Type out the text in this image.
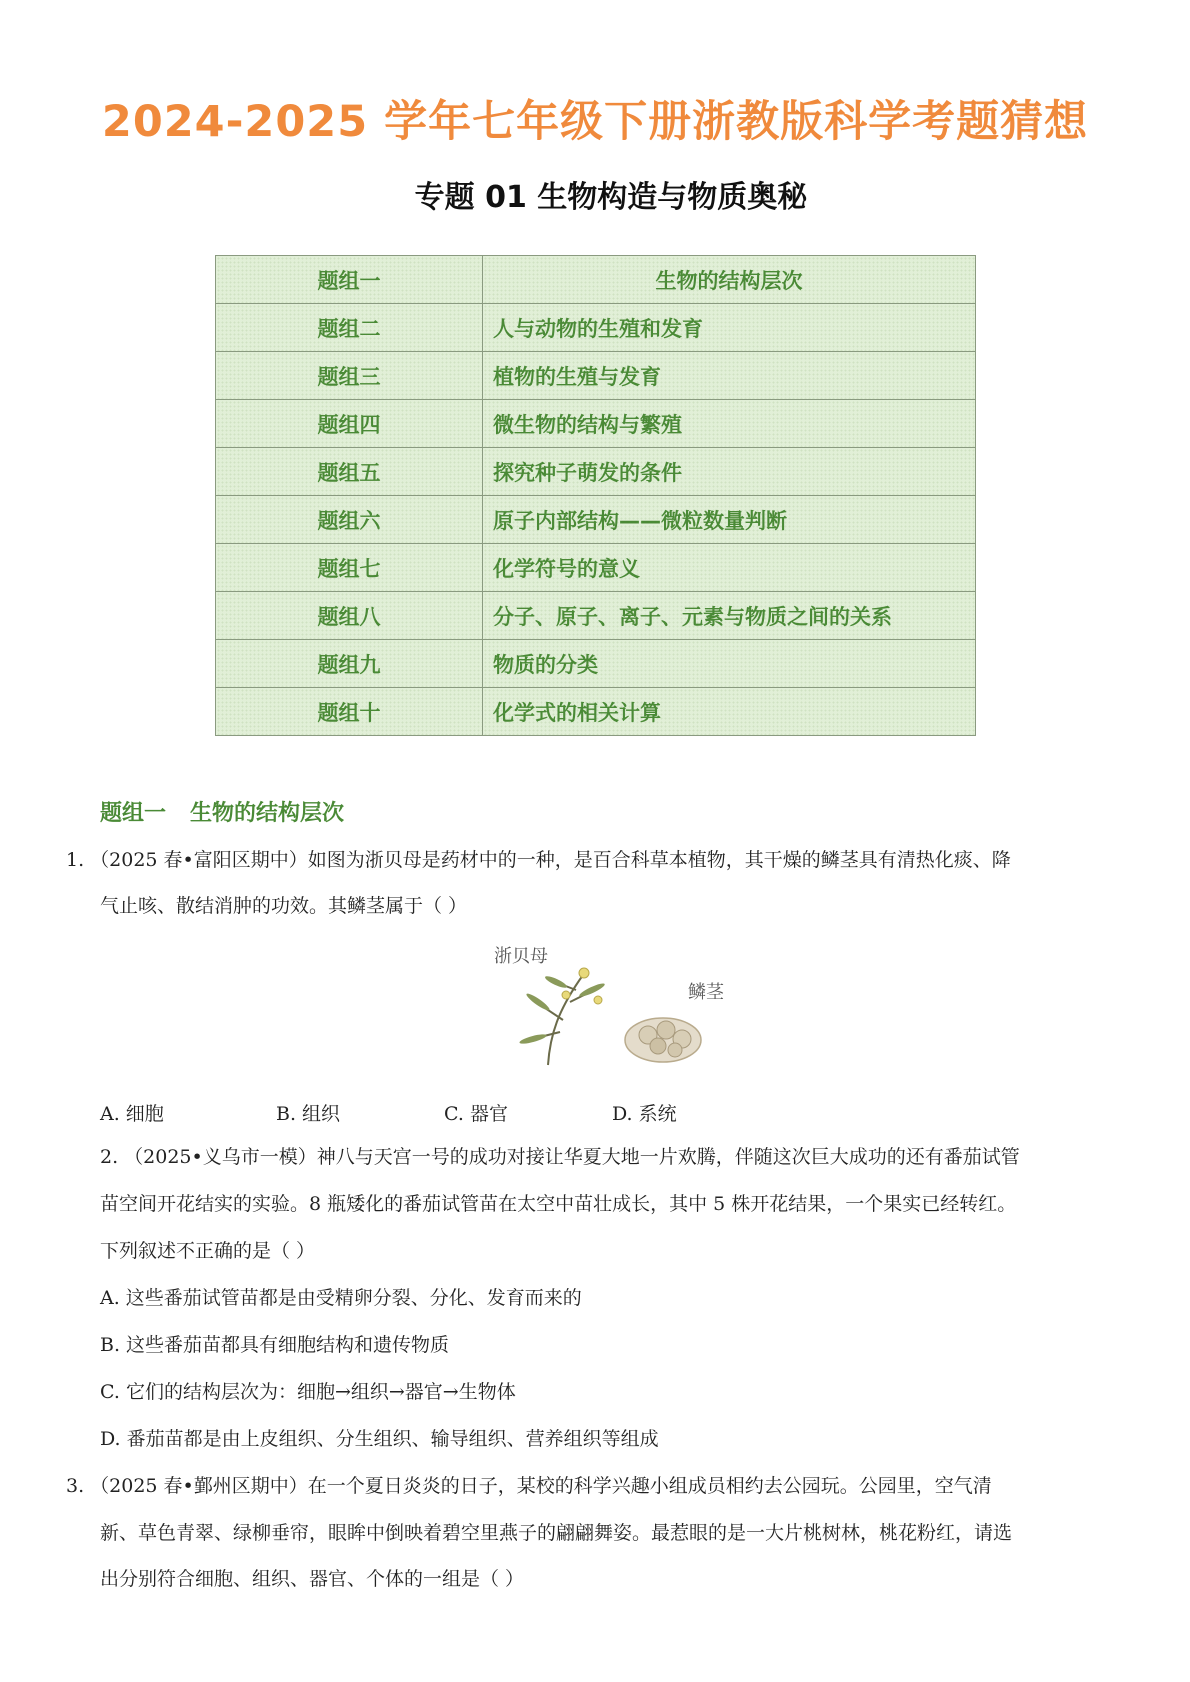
2024-2025 学年七年级下册浙教版科学考题猜想
专题 01 生物构造与物质奥秘
题组一	生物的结构层次
题组二	人与动物的生殖和发育
题组三	植物的生殖与发育
题组四	微生物的结构与繁殖
题组五	探究种子萌发的条件
题组六	原子内部结构——微粒数量判断
题组七	化学符号的意义
题组八	分子、原子、离子、元素与物质之间的关系
题组九	物质的分类
题组十	化学式的相关计算
题组一 生物的结构层次
1. （2025 春•富阳区期中）如图为浙贝母是药材中的一种，是百合科草本植物，其干燥的鳞茎具有清热化痰、降
气止咳、散结消肿的功效。其鳞茎属于（ ）
浙贝母
鳞茎
A. 细胞	B. 组织	C. 器官	D. 系统
2. （2025•义乌市一模）神八与天宫一号的成功对接让华夏大地一片欢腾，伴随这次巨大成功的还有番茄试管
苗空间开花结实的实验。8 瓶矮化的番茄试管苗在太空中苗壮成长，其中 5 株开花结果，一个果实已经转红。
下列叙述不正确的是（ ）
A. 这些番茄试管苗都是由受精卵分裂、分化、发育而来的
B. 这些番茄苗都具有细胞结构和遗传物质
C. 它们的结构层次为：细胞→组织→器官→生物体
D. 番茄苗都是由上皮组织、分生组织、输导组织、营养组织等组成
3. （2025 春•鄞州区期中）在一个夏日炎炎的日子，某校的科学兴趣小组成员相约去公园玩。公园里，空气清
新、草色青翠、绿柳垂帘，眼眸中倒映着碧空里燕子的翩翩舞姿。最惹眼的是一大片桃树林，桃花粉红，请选
出分别符合细胞、组织、器官、个体的一组是（ ）
